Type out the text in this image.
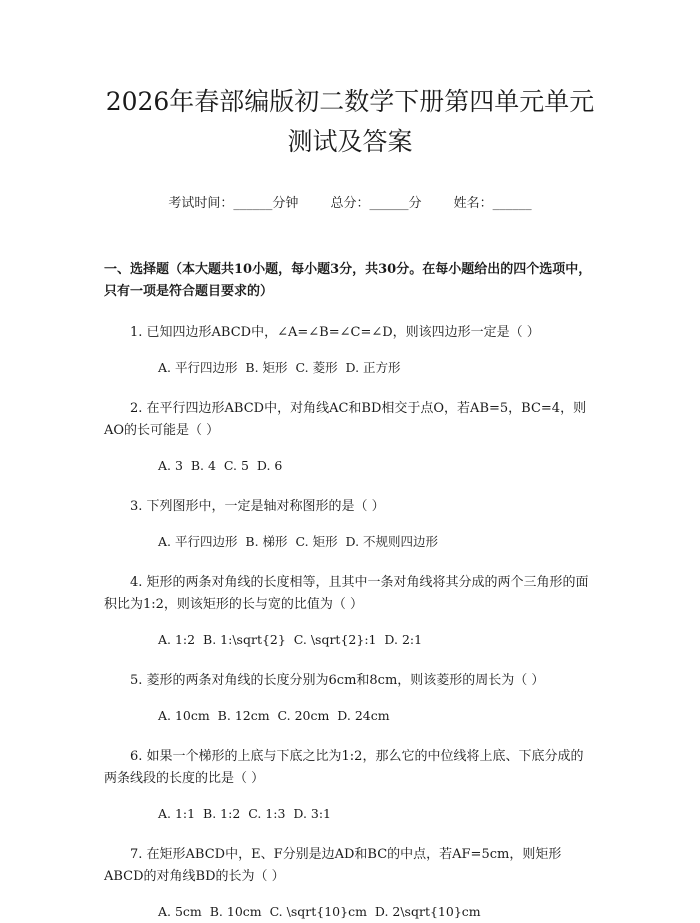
2026年春部编版初二数学下册第四单元单元
测试及答案
考试时间：______分钟 总分：______分 姓名：______
一、选择题（本大题共10小题，每小题3分，共30分。在每小题给出的四个选项中，只有一项是符合题目要求的）

1. 已知四边形ABCD中，∠A=∠B=∠C=∠D，则该四边形一定是（ ）

A. 平行四边形  B. 矩形  C. 菱形  D. 正方形

2. 在平行四边形ABCD中，对角线AC和BD相交于点O，若AB=5，BC=4，则AO的长可能是（ ）

A. 3  B. 4  C. 5  D. 6

3. 下列图形中，一定是轴对称图形的是（ ）

A. 平行四边形  B. 梯形  C. 矩形  D. 不规则四边形

4. 矩形的两条对角线的长度相等，且其中一条对角线将其分成的两个三角形的面积比为1:2，则该矩形的长与宽的比值为（ ）

A. 1:2  B. 1:\sqrt{2}  C. \sqrt{2}:1  D. 2:1

5. 菱形的两条对角线的长度分别为6cm和8cm，则该菱形的周长为（ ）

A. 10cm  B. 12cm  C. 20cm  D. 24cm

6. 如果一个梯形的上底与下底之比为1:2，那么它的中位线将上底、下底分成的两条线段的长度的比是（ ）

A. 1:1  B. 1:2  C. 1:3  D. 3:1

7. 在矩形ABCD中，E、F分别是边AD和BC的中点，若AF=5cm，则矩形ABCD的对角线BD的长为（ ）

A. 5cm  B. 10cm  C. \sqrt{10}cm  D. 2\sqrt{10}cm
